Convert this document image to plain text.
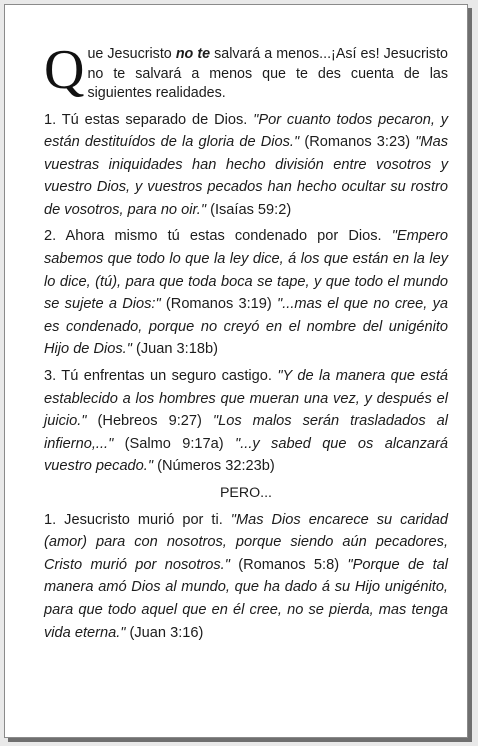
Que Jesucristo no te salvará a menos...¡Así es! Jesucristo no te salvará a menos que te des cuenta de las siguientes realidades.

1. Tú estas separado de Dios. "Por cuanto todos pecaron, y están destituídos de la gloria de Dios." (Romanos 3:23) "Mas vuestras iniquidades han hecho división entre vosotros y vuestro Dios, y vuestros pecados han hecho ocultar su rostro de vosotros, para no oir." (Isaías 59:2)

2. Ahora mismo tú estas condenado por Dios. "Empero sabemos que todo lo que la ley dice, á los que están en la ley lo dice, (tú), para que toda boca se tape, y que todo el mundo se sujete a Dios:" (Romanos 3:19) "...mas el que no cree, ya es condenado, porque no creyó en el nombre del unigénito Hijo de Dios." (Juan 3:18b)

3. Tú enfrentas un seguro castigo. "Y de la manera que está establecido a los hombres que mueran una vez, y después el juicio." (Hebreos 9:27) "Los malos serán trasladados al infierno,..." (Salmo 9:17a) "...y sabed que os alcanzará vuestro pecado." (Números 32:23b)

PERO...

1. Jesucristo murió por ti. "Mas Dios encarece su caridad (amor) para con nosotros, porque siendo aún pecadores, Cristo murió por nosotros." (Romanos 5:8) "Porque de tal manera amó Dios al mundo, que ha dado á su Hijo unigénito, para que todo aquel que en él cree, no se pierda, mas tenga vida eterna." (Juan 3:16)
